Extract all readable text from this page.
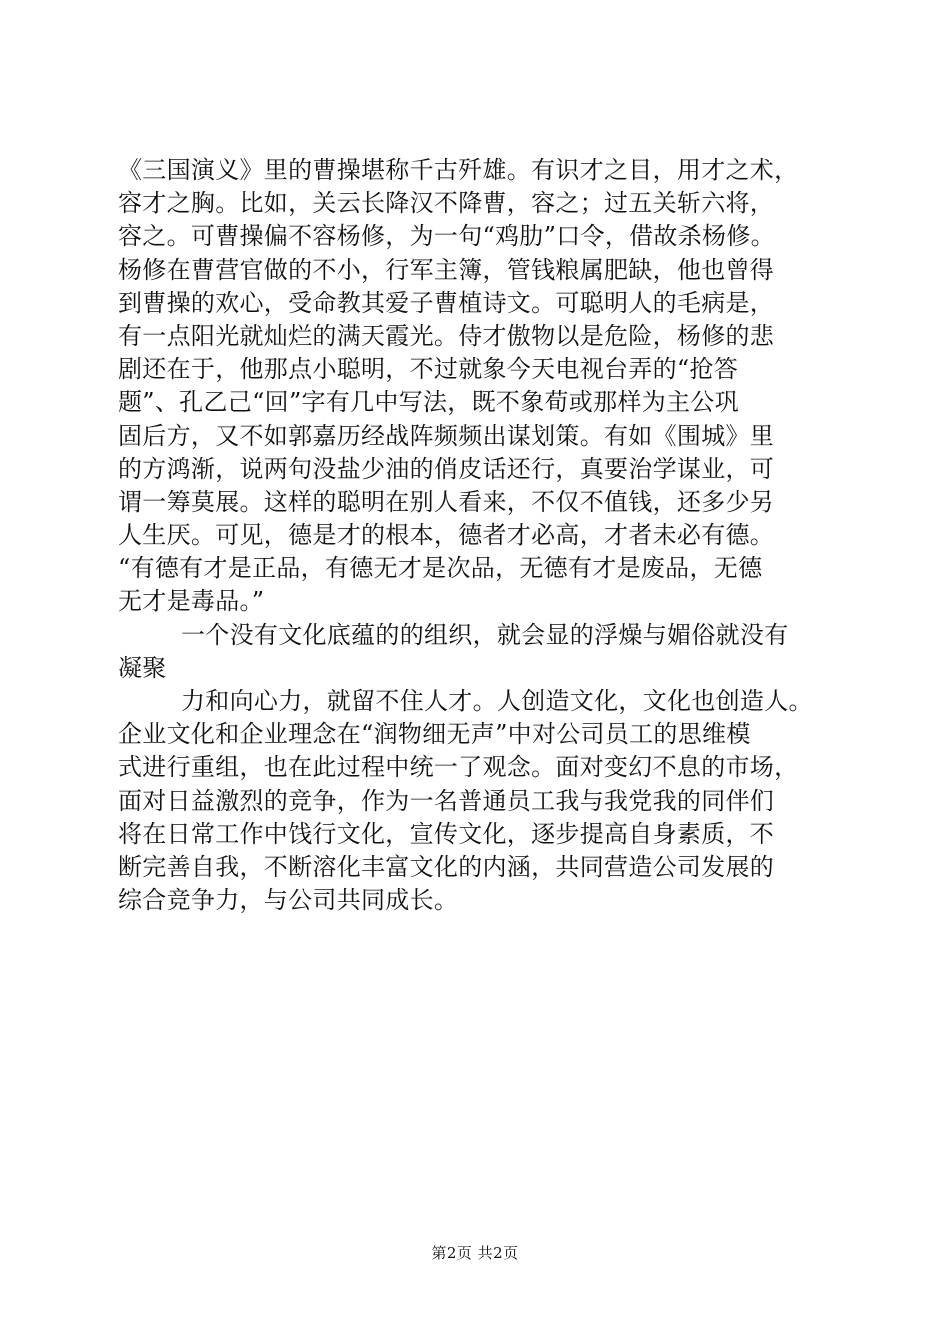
《三国演义》里的曹操堪称千古歼雄。有识才之目，用才之术，
容才之胸。比如，关云长降汉不降曹，容之；过五关斩六将，
容之。可曹操偏不容杨修，为一句“鸡肋”口令，借故杀杨修。
杨修在曹营官做的不小，行军主簿，管钱粮属肥缺，他也曾得
到曹操的欢心，受命教其爱子曹植诗文。可聪明人的毛病是，
有一点阳光就灿烂的满天霞光。侍才傲物以是危险，杨修的悲
剧还在于，他那点小聪明，不过就象今天电视台弄的“抢答
题”、孔乙己“回”字有几中写法，既不象荀或那样为主公巩
固后方，又不如郭嘉历经战阵频频出谋划策。有如《围城》里
的方鸿渐，说两句没盐少油的俏皮话还行，真要治学谋业，可
谓一筹莫展。这样的聪明在别人看来，不仅不值钱，还多少另
人生厌。可见，德是才的根本，德者才必高，才者未必有德。
“有德有才是正品，有德无才是次品，无德有才是废品，无德
无才是毒品。”
一个没有文化底蕴的的组织，就会显的浮燥与媚俗就没有
凝聚
力和向心力，就留不住人才。人创造文化，文化也创造人。
企业文化和企业理念在“润物细无声”中对公司员工的思维模
式进行重组，也在此过程中统一了观念。面对变幻不息的市场，
面对日益激烈的竞争，作为一名普通员工我与我党我的同伴们
将在日常工作中饯行文化，宣传文化，逐步提高自身素质，不
断完善自我，不断溶化丰富文化的内涵，共同营造公司发展的
综合竞争力，与公司共同成长。
第2页 共2页
